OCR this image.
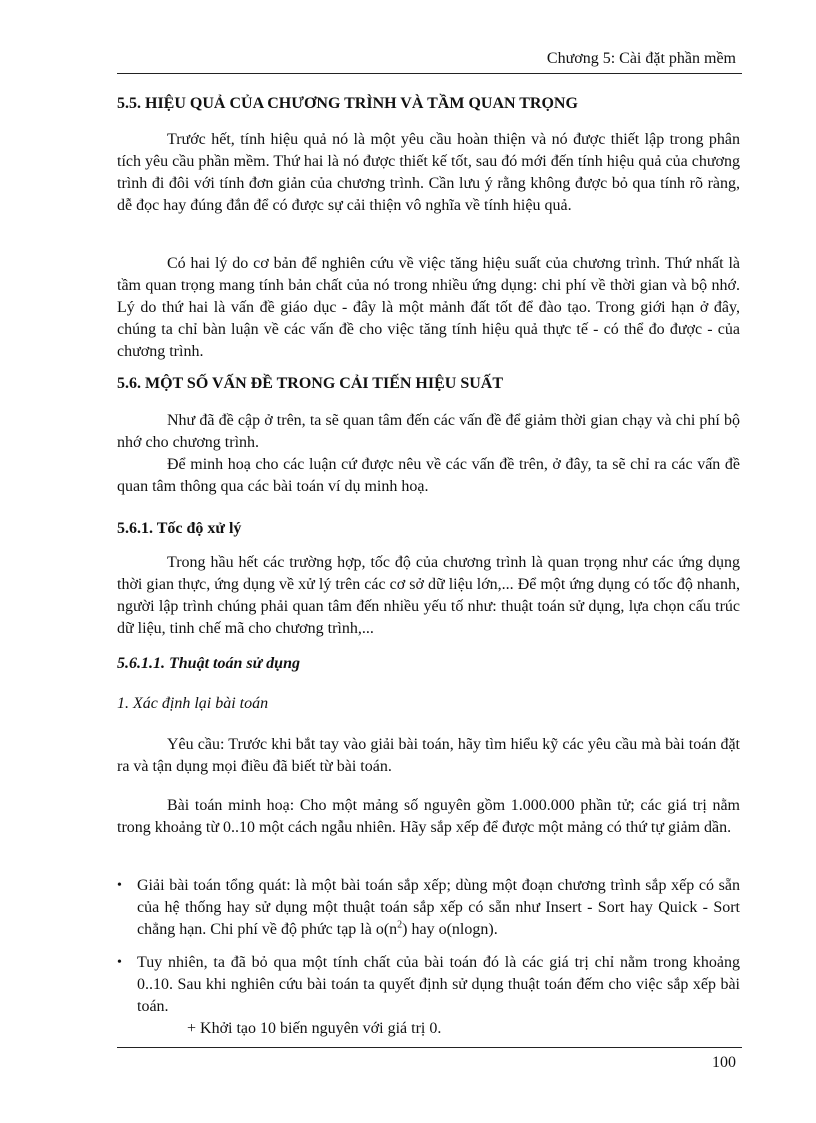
Chương 5: Cài đặt phần mềm
5.5. HIỆU QUẢ CỦA CHƯƠNG TRÌNH VÀ TẦM QUAN TRỌNG

Trước hết, tính hiệu quả nó là một yêu cầu hoàn thiện và nó được thiết lập trong phân tích yêu cầu phần mềm. Thứ hai là nó được thiết kế tốt, sau đó mới đến tính hiệu quả của chương trình đi đôi với tính đơn giản của chương trình. Cần lưu ý rằng không được bỏ qua tính rõ ràng, dễ đọc hay đúng đắn để có được sự cải thiện vô nghĩa về tính hiệu quả.

Có hai lý do cơ bản để nghiên cứu về việc tăng hiệu suất của chương trình. Thứ nhất là tầm quan trọng mang tính bản chất của nó trong nhiều ứng dụng: chi phí về thời gian và bộ nhớ. Lý do thứ hai là vấn đề giáo dục - đây là một mảnh đất tốt để đào tạo. Trong giới hạn ở đây, chúng ta chỉ bàn luận về các vấn đề cho việc tăng tính hiệu quả thực tế - có thể đo được - của chương trình.

5.6. MỘT SỐ VẤN ĐỀ TRONG CẢI TIẾN HIỆU SUẤT

Như đã đề cập ở trên, ta sẽ quan tâm đến các vấn đề để giảm thời gian chạy và chi phí bộ nhớ cho chương trình.

Để minh hoạ cho các luận cứ được nêu về các vấn đề trên, ở đây, ta sẽ chỉ ra các vấn đề quan tâm thông qua các bài toán ví dụ minh hoạ.

5.6.1. Tốc độ xử lý

Trong hầu hết các trường hợp, tốc độ của chương trình là quan trọng như các ứng dụng thời gian thực, ứng dụng về xử lý trên các cơ sở dữ liệu lớn,... Để một ứng dụng có tốc độ nhanh, người lập trình chúng phải quan tâm đến nhiều yếu tố như: thuật toán sử dụng, lựa chọn cấu trúc dữ liệu, tinh chế mã cho chương trình,...

5.6.1.1. Thuật toán sử dụng
1. Xác định lại bài toán

Yêu cầu: Trước khi bắt tay vào giải bài toán, hãy tìm hiểu kỹ các yêu cầu mà bài toán đặt ra và tận dụng mọi điều đã biết từ bài toán.

Bài toán minh hoạ: Cho một mảng số nguyên gồm 1.000.000 phần tử; các giá trị nằm trong khoảng từ 0..10 một cách ngẫu nhiên. Hãy sắp xếp để được một mảng có thứ tự giảm dần.

• Giải bài toán tổng quát: là một bài toán sắp xếp; dùng một đoạn chương trình sắp xếp có sẵn của hệ thống hay sử dụng một thuật toán sắp xếp có sẵn như Insert - Sort hay Quick - Sort chẳng hạn. Chi phí về độ phức tạp là $o(n^2)$ hay o(nlogn).
• Tuy nhiên, ta đã bỏ qua một tính chất của bài toán đó là các giá trị chỉ nằm trong khoảng 0..10. Sau khi nghiên cứu bài toán ta quyết định sử dụng thuật toán đếm cho việc sắp xếp bài toán.
+ Khởi tạo 10 biến nguyên với giá trị 0.
100
